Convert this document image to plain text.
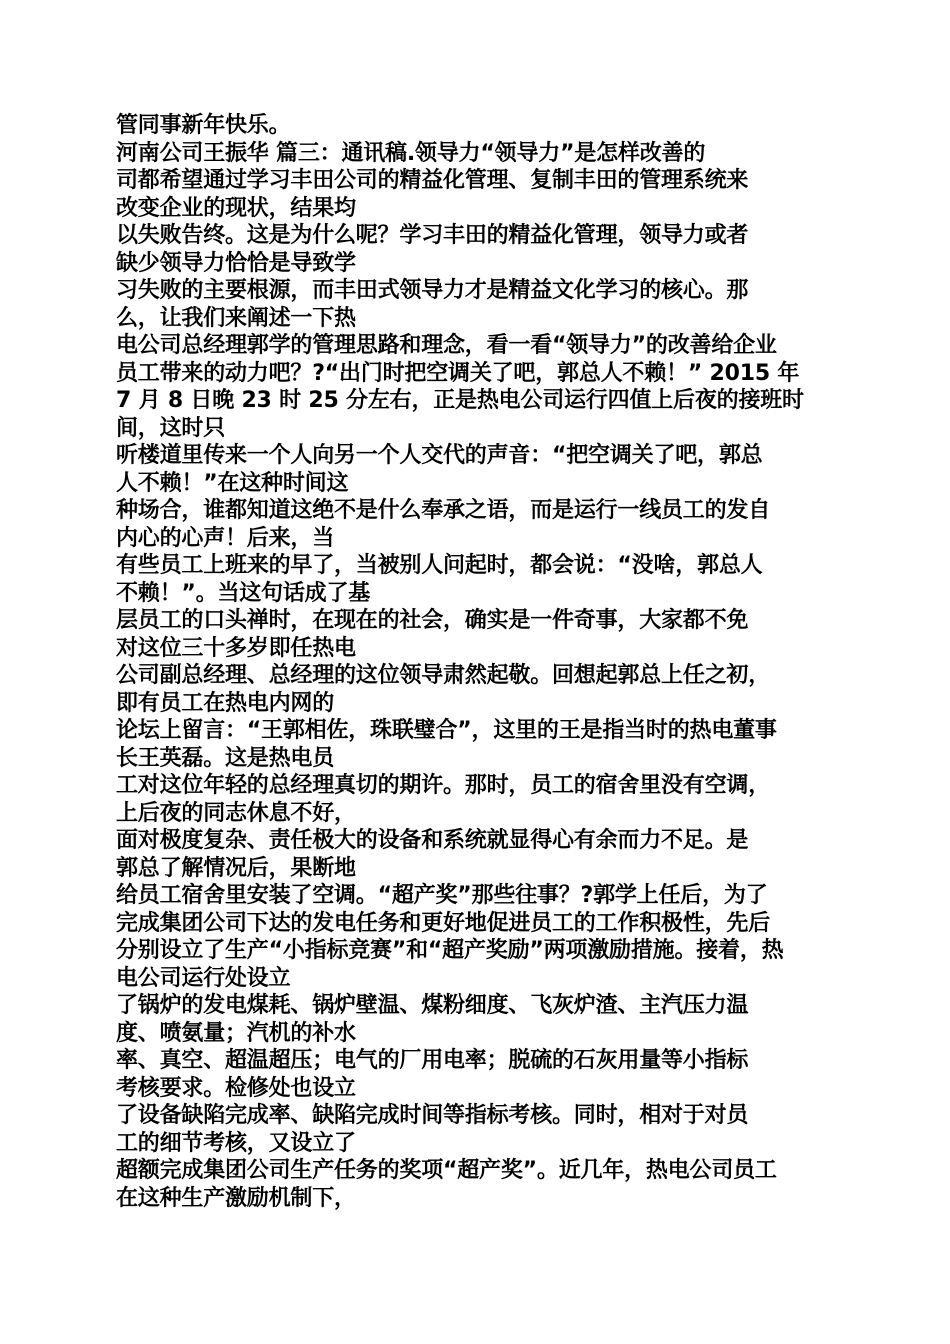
管同事新年快乐。
河南公司王振华 篇三：通讯稿.领导力“领导力”是怎样改善的
司都希望通过学习丰田公司的精益化管理、复制丰田的管理系统来
改变企业的现状，结果均
以失败告终。这是为什么呢？学习丰田的精益化管理，领导力或者
缺少领导力恰恰是导致学
习失败的主要根源，而丰田式领导力才是精益文化学习的核心。那
么，让我们来阐述一下热
电公司总经理郭学的管理思路和理念，看一看“领导力”的改善给企业
员工带来的动力吧？?“出门时把空调关了吧，郭总人不赖！” 2015 年
7 月 8 日晚 23 时 25 分左右，正是热电公司运行四值上后夜的接班时
间，这时只
听楼道里传来一个人向另一个人交代的声音：“把空调关了吧，郭总
人不赖！”在这种时间这
种场合，谁都知道这绝不是什么奉承之语，而是运行一线员工的发自
内心的心声！后来，当
有些员工上班来的早了，当被别人问起时，都会说：“没啥，郭总人
不赖！”。当这句话成了基
层员工的口头禅时，在现在的社会，确实是一件奇事，大家都不免
对这位三十多岁即任热电
公司副总经理、总经理的这位领导肃然起敬。回想起郭总上任之初，
即有员工在热电内网的
论坛上留言：“王郭相佐，珠联璧合”，这里的王是指当时的热电董事
长王英磊。这是热电员
工对这位年轻的总经理真切的期许。那时，员工的宿舍里没有空调，
上后夜的同志休息不好，
面对极度复杂、责任极大的设备和系统就显得心有余而力不足。是
郭总了解情况后，果断地
给员工宿舍里安装了空调。“超产奖”那些往事？?郭学上任后，为了
完成集团公司下达的发电任务和更好地促进员工的工作积极性，先后
分别设立了生产“小指标竞赛”和“超产奖励”两项激励措施。接着，热
电公司运行处设立
了锅炉的发电煤耗、锅炉壁温、煤粉细度、飞灰炉渣、主汽压力温
度、喷氨量；汽机的补水
率、真空、超温超压；电气的厂用电率；脱硫的石灰用量等小指标
考核要求。检修处也设立
了设备缺陷完成率、缺陷完成时间等指标考核。同时，相对于对员
工的细节考核，又设立了
超额完成集团公司生产任务的奖项“超产奖”。近几年，热电公司员工
在这种生产激励机制下，
